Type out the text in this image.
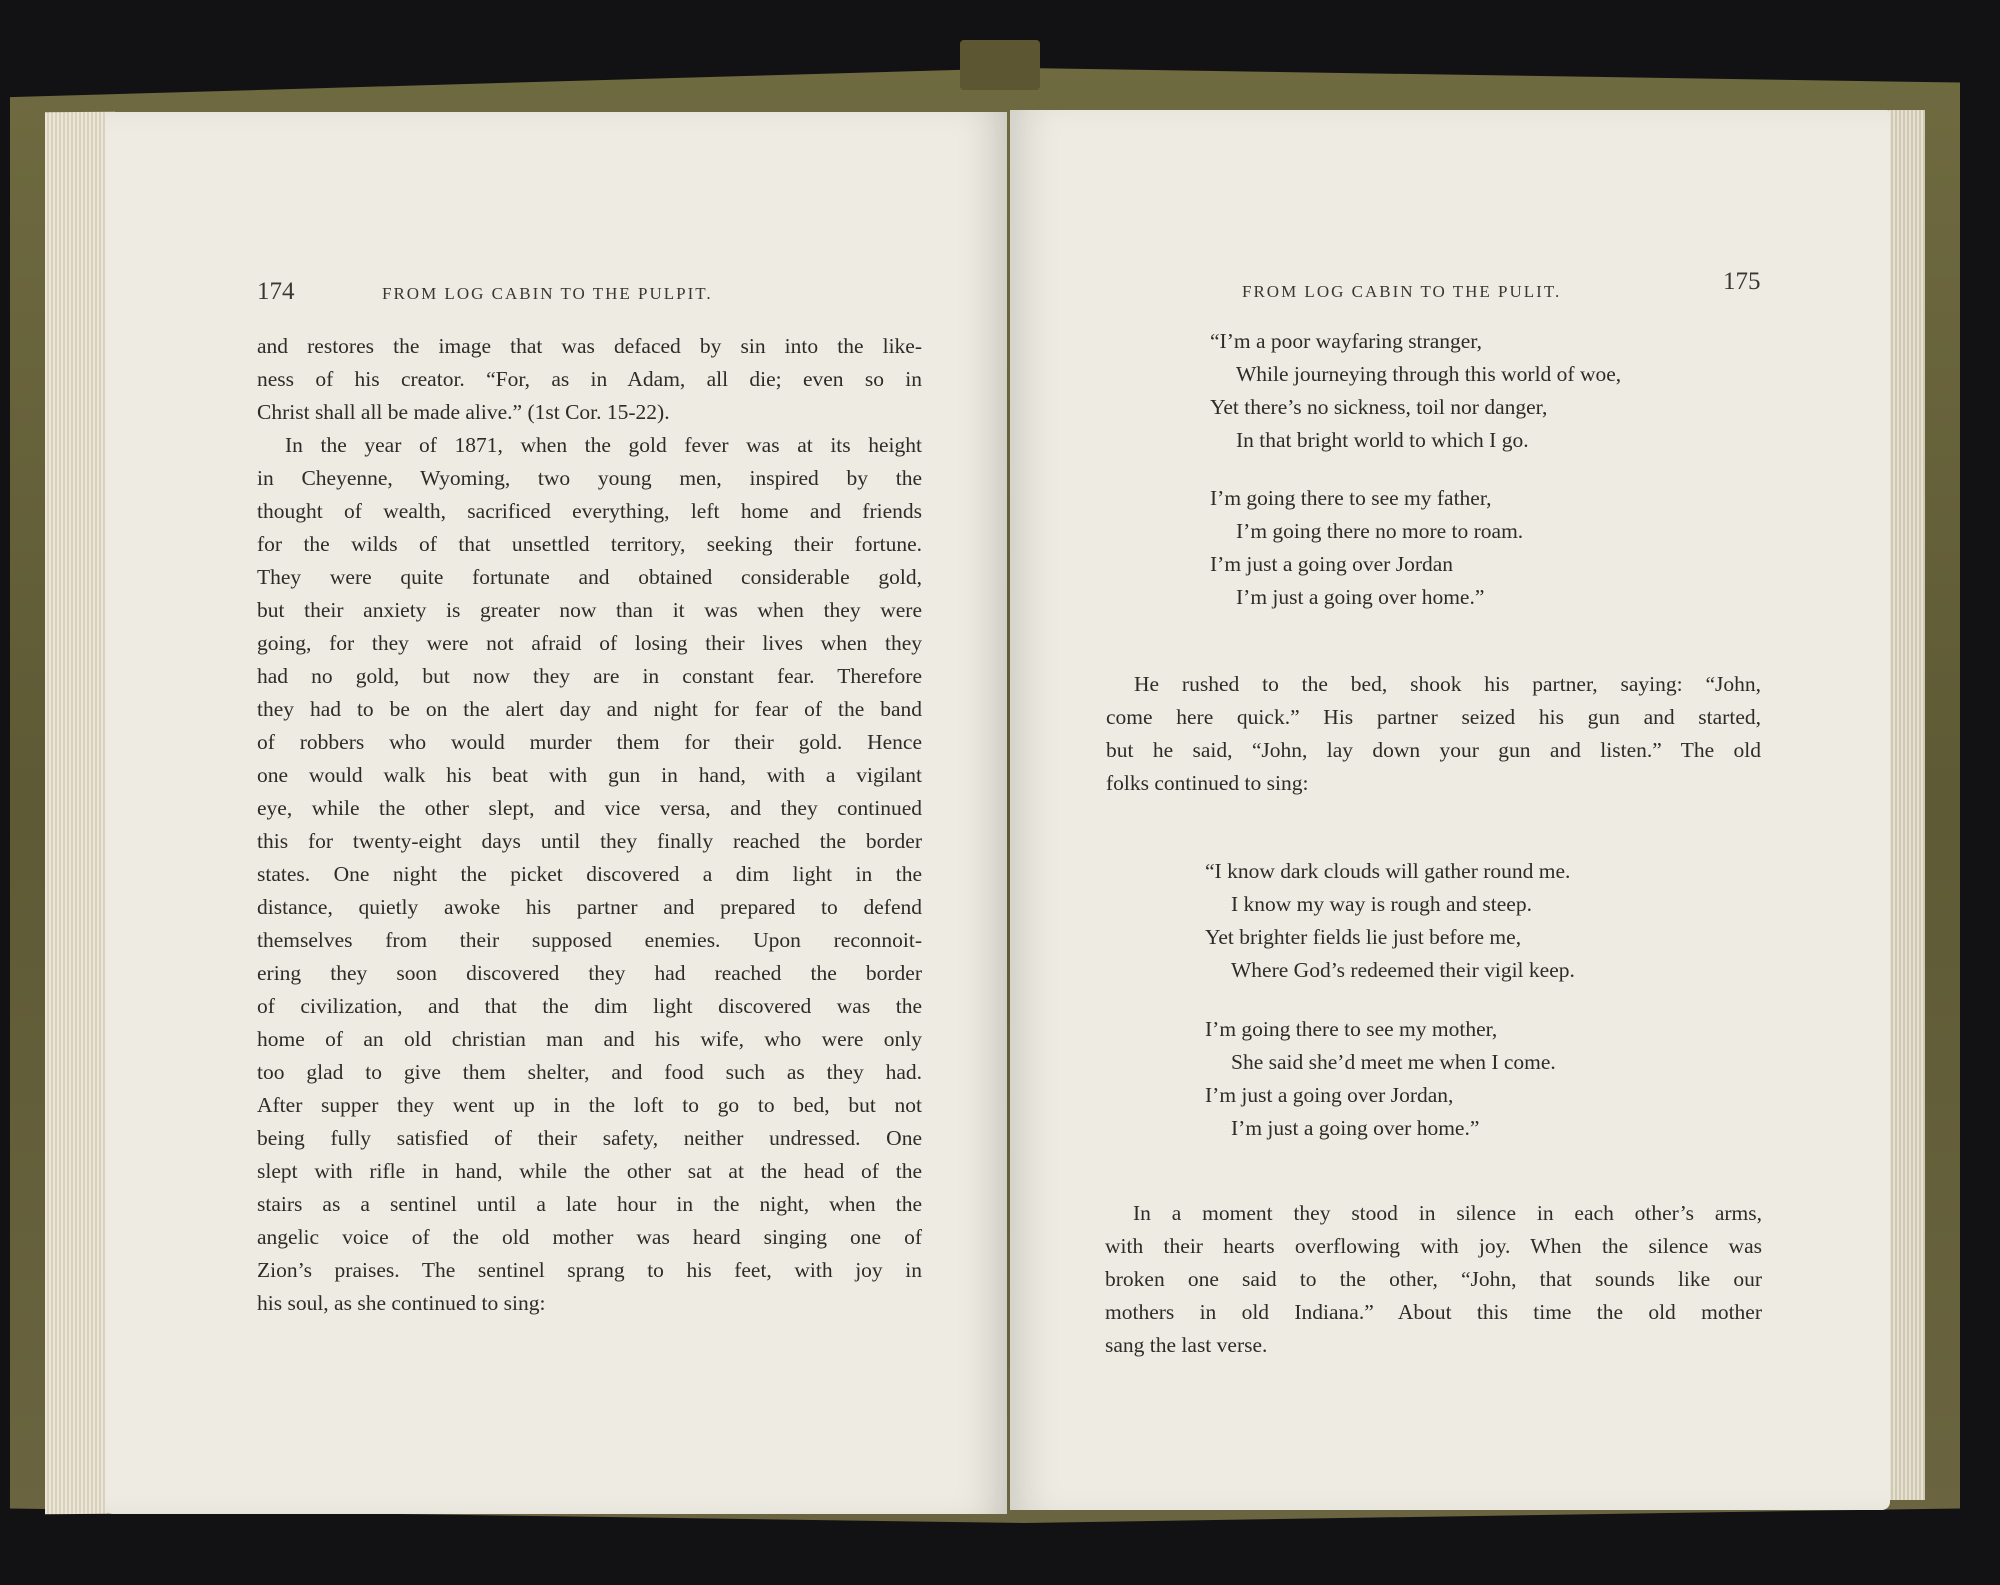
174	FROM LOG CABIN TO THE PULPIT.
and restores the image that was defaced by sin into the like-
ness of his creator. “For, as in Adam, all die; even so in
Christ shall all be made alive.” (1st Cor. 15-22).
In the year of 1871, when the gold fever was at its height
in Cheyenne, Wyoming, two young men, inspired by the
thought of wealth, sacrificed everything, left home and friends
for the wilds of that unsettled territory, seeking their fortune.
They were quite fortunate and obtained considerable gold,
but their anxiety is greater now than it was when they were
going, for they were not afraid of losing their lives when they
had no gold, but now they are in constant fear. Therefore
they had to be on the alert day and night for fear of the band
of robbers who would murder them for their gold. Hence
one would walk his beat with gun in hand, with a vigilant
eye, while the other slept, and vice versa, and they continued
this for twenty-eight days until they finally reached the border
states. One night the picket discovered a dim light in the
distance, quietly awoke his partner and prepared to defend
themselves from their supposed enemies. Upon reconnoit-
ering they soon discovered they had reached the border
of civilization, and that the dim light discovered was the
home of an old christian man and his wife, who were only
too glad to give them shelter, and food such as they had.
After supper they went up in the loft to go to bed, but not
being fully satisfied of their safety, neither undressed. One
slept with rifle in hand, while the other sat at the head of the
stairs as a sentinel until a late hour in the night, when the
angelic voice of the old mother was heard singing one of
Zion’s praises. The sentinel sprang to his feet, with joy in
his soul, as she continued to sing:
FROM LOG CABIN TO THE PULIT.	175
“I’m a poor wayfaring stranger,
While journeying through this world of woe,
Yet there’s no sickness, toil nor danger,
In that bright world to which I go.
I’m going there to see my father,
I’m going there no more to roam.
I’m just a going over Jordan
I’m just a going over home.”
He rushed to the bed, shook his partner, saying: “John,
come here quick.” His partner seized his gun and started,
but he said, “John, lay down your gun and listen.” The old
folks continued to sing:
“I know dark clouds will gather round me.
I know my way is rough and steep.
Yet brighter fields lie just before me,
Where God’s redeemed their vigil keep.
I’m going there to see my mother,
She said she’d meet me when I come.
I’m just a going over Jordan,
I’m just a going over home.”
In a moment they stood in silence in each other’s arms,
with their hearts overflowing with joy. When the silence was
broken one said to the other, “John, that sounds like our
mothers in old Indiana.” About this time the old mother
sang the last verse.
